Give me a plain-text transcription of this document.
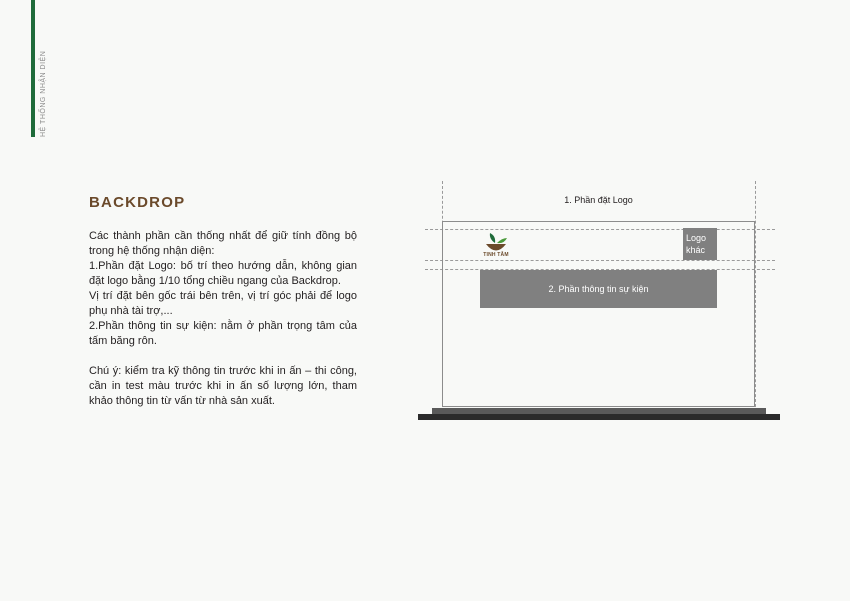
HỆ THỐNG NHẬN DIỆN
BACKDROP

Các thành phần cần thống nhất để giữ tính đồng bộ trong hệ thống nhận diện:

1.Phần đặt Logo: bố trí theo hướng dẫn, không gian đặt logo bằng 1/10 tổng chiều ngang của Backdrop.

Vị trí đặt bên gốc trái bên trên, vị trí góc phải để logo phụ nhà tài trợ,...

2.Phần thông tin sự kiện: nằm ở phần trọng tâm của tấm băng rôn.

Chú ý: kiểm tra kỹ thông tin trước khi in ấn – thi công, cần in test màu trước khi in ấn số lượng lớn, tham khảo thông tin từ vấn từ nhà sản xuất.

1. Phần đặt Logo
TINH TÂM
Logo
khác
2. Phần thông tin sự kiện
